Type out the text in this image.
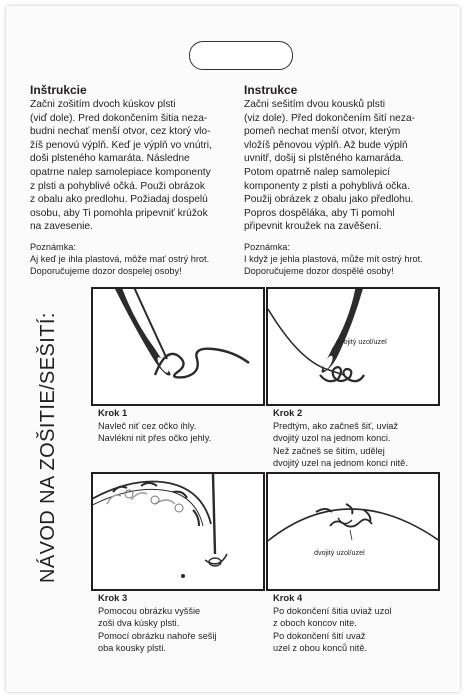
Inštrukcie

Začni zošitím dvoch kúskov plsti
(viď dole). Pred dokončením šitia neza-
budni nechať menší otvor, cez ktorý vlo-
žíš penovú výplň. Keď je výplň vo vnútri,
doši plsteného kamaráta. Následne
opatrne nalep samolepiace komponenty
z plsti a pohyblivé očká. Použi obrázok
z obalu ako predlohu. Požiadaj dospelú
osobu, aby Ti pomohla pripevniť krúžok
na zavesenie.

Poznámka:
Aj keď je ihla plastová, môže mať ostrý hrot.
Doporučujeme dozor dospelej osoby!
Instrukce

Začni sešitím dvou kousků plsti
(viz dole). Před dokončením šití neza-
pomeň nechat menší otvor, kterým
vložíš pěnovou výplň. Až bude výplň
uvnitř, došij si plstěného kamaráda.
Potom opatrně nalep samolepicí
komponenty z plsti a pohyblivá očka.
Použij obrázek z obalu jako předlohu.
Popros dospěláka, aby Ti pomohl
připevnit kroužek na zavěšení.

Poznámka:
I když je jehla plastová, může mít ostrý hrot.
Doporučujeme dozor dospělé osoby!
NÁVOD NA ZOŠITIE/SEŠITÍ:	dvojitý uzol/uzel
dvojitý uzol/uzel
Krok 1

Navleč niť cez očko ihly.
Navlékni nit přes očko jehly.

Krok 2

Predtým, ako začneš šiť, uviaž
dvojitý uzol na jednom konci.
Než začneš se šitím, udělej
dvojitý uzel na jednom konci nitě.

Krok 3

Pomocou obrázku vyššie
zoši dva kúsky plsti.
Pomocí obrázku nahoře sešij
oba kousky plsti.

Krok 4

Po dokončení šitia uviaž uzol
z oboch koncov nite.
Po dokončení šití uvaž
uzel z obou konců nitě.
